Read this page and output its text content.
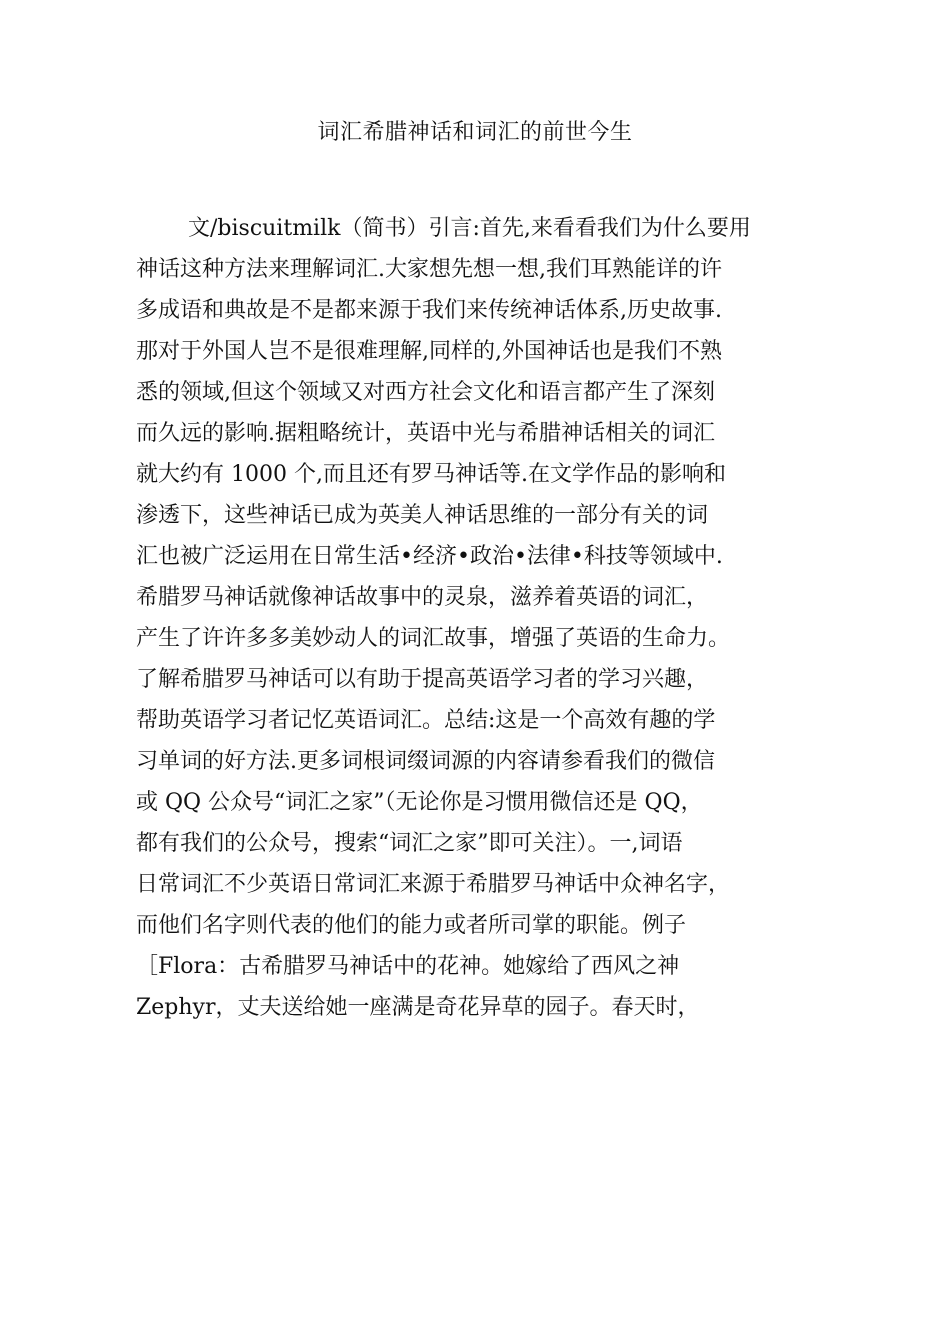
词汇希腊神话和词汇的前世今生
文/biscuitmilk（简书）引言:首先,来看看我们为什么要用
神话这种方法来理解词汇.大家想先想一想,我们耳熟能详的许
多成语和典故是不是都来源于我们来传统神话体系,历史故事.
那对于外国人岂不是很难理解,同样的,外国神话也是我们不熟
悉的领域,但这个领域又对西方社会文化和语言都产生了深刻
而久远的影响.据粗略统计，英语中光与希腊神话相关的词汇
就大约有 1000 个,而且还有罗马神话等.在文学作品的影响和
渗透下，这些神话已成为英美人神话思维的一部分有关的词
汇也被广泛运用在日常生活•经济•政治•法律•科技等领域中.
希腊罗马神话就像神话故事中的灵泉，滋养着英语的词汇，
产生了许许多多美妙动人的词汇故事，增强了英语的生命力。
了解希腊罗马神话可以有助于提高英语学习者的学习兴趣，
帮助英语学习者记忆英语词汇。总结:这是一个高效有趣的学
习单词的好方法.更多词根词缀词源的内容请参看我们的微信
或 QQ 公众号“词汇之家”（无论你是习惯用微信还是 QQ，
都有我们的公众号，搜索“词汇之家”即可关注）。一,词语
日常词汇不少英语日常词汇来源于希腊罗马神话中众神名字，
而他们名字则代表的他们的能力或者所司掌的职能。例子
［Flora：古希腊罗马神话中的花神。她嫁给了西风之神
Zephyr，丈夫送给她一座满是奇花异草的园子。春天时，
